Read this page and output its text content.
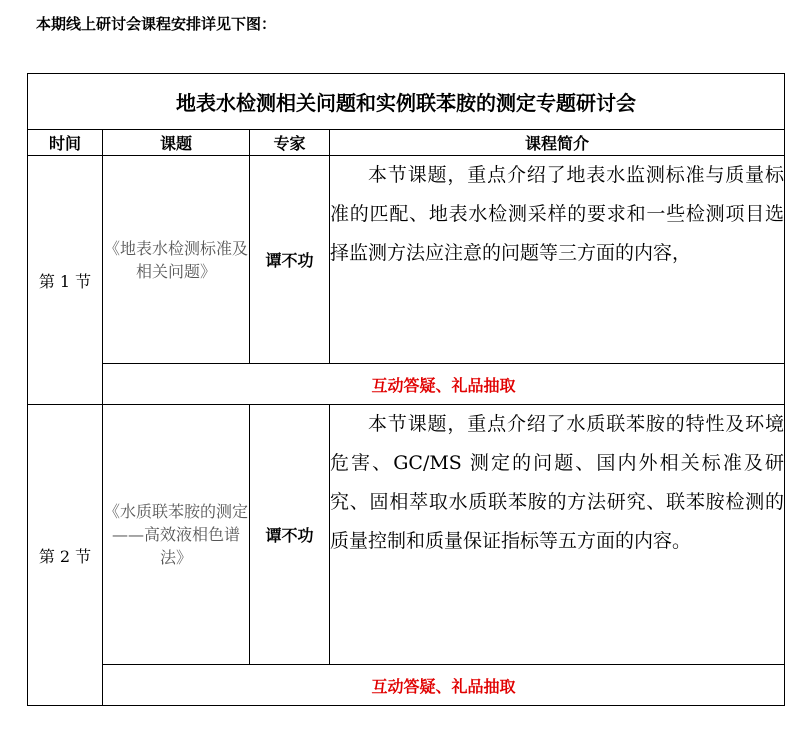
本期线上研讨会课程安排详见下图：
地表水检测相关问题和实例联苯胺的测定专题研讨会			
时间	课题	专家	课程简介
第 1 节	《地表水检测标准及相关问题》	谭不功	本节课题，重点介绍了地表水监测标准与质量标准的匹配、地表水检测采样的要求和一些检测项目选择监测方法应注意的问题等三方面的内容，

	互动答疑、礼品抽取		
第 2 节	《水质联苯胺的测定——高效液相色谱法》	谭不功	本节课题，重点介绍了水质联苯胺的特性及环境危害、GC/MS 测定的问题、国内外相关标准及研究、固相萃取水质联苯胺的方法研究、联苯胺检测的质量控制和质量保证指标等五方面的内容。

	互动答疑、礼品抽取		
